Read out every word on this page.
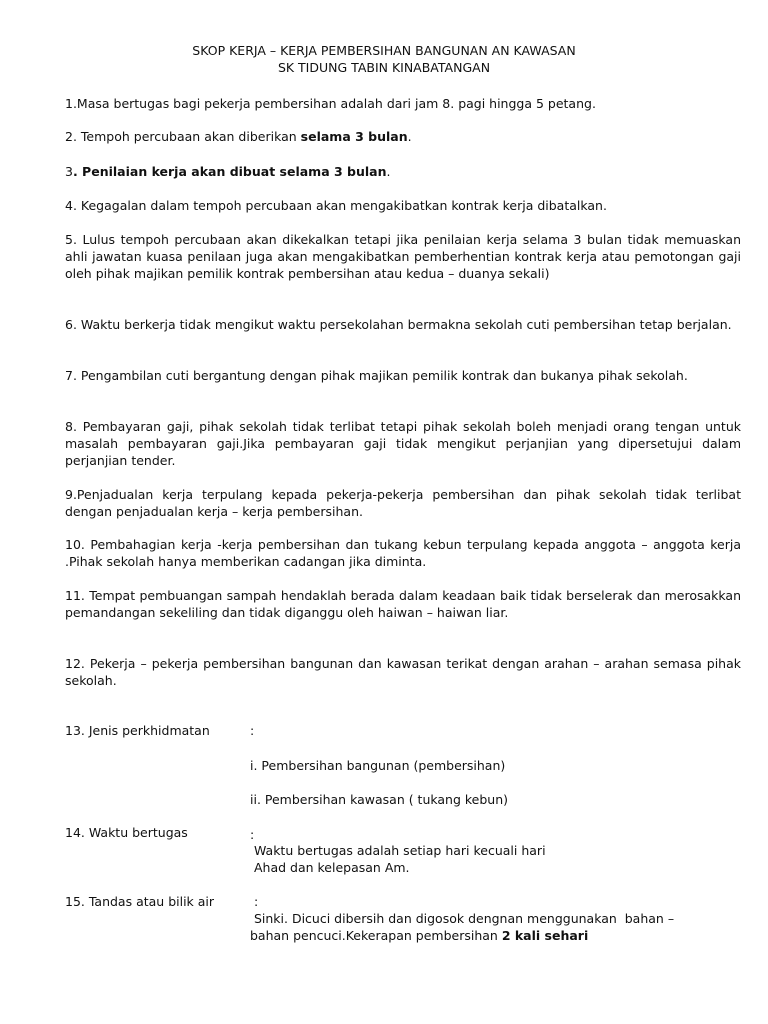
SKOP KERJA – KERJA PEMBERSIHAN BANGUNAN AN KAWASAN
SK TIDUNG TABIN KINABATANGAN

1.Masa bertugas bagi pekerja pembersihan adalah dari jam 8. pagi hingga 5 petang.

2. Tempoh percubaan akan diberikan selama 3 bulan.

3. Penilaian kerja akan dibuat selama 3 bulan.

4. Kegagalan dalam tempoh percubaan akan mengakibatkan kontrak kerja dibatalkan.

5. Lulus tempoh percubaan akan dikekalkan tetapi jika penilaian kerja selama 3 bulan tidak memuaskan ahli jawatan kuasa penilaan juga akan mengakibatkan pemberhentian kontrak kerja atau pemotongan gaji oleh pihak majikan pemilik kontrak pembersihan atau kedua – duanya sekali)

6. Waktu berkerja tidak mengikut waktu persekolahan bermakna sekolah cuti pembersihan tetap berjalan.

7. Pengambilan cuti bergantung dengan pihak majikan pemilik kontrak dan bukanya pihak sekolah.

8. Pembayaran gaji, pihak sekolah tidak terlibat tetapi pihak sekolah boleh menjadi orang tengan untuk masalah pembayaran gaji.Jika pembayaran gaji tidak mengikut perjanjian yang dipersetujui dalam perjanjian tender.

9.Penjadualan kerja terpulang kepada pekerja-pekerja pembersihan dan pihak sekolah tidak terlibat dengan penjadualan kerja – kerja pembersihan.

10. Pembahagian kerja -kerja pembersihan dan tukang kebun terpulang kepada anggota – anggota kerja .Pihak sekolah hanya memberikan cadangan jika diminta.

11. Tempat pembuangan sampah hendaklah berada dalam keadaan baik tidak berselerak dan merosakkan pemandangan sekeliling dan tidak diganggu oleh haiwan – haiwan liar.

12. Pekerja – pekerja pembersihan bangunan dan kawasan terikat dengan arahan – arahan semasa pihak sekolah.

13. Jenis perkhidmatan	:
i. Pembersihan bangunan (pembersihan)
ii. Pembersihan kawasan ( tukang kebun)
14. Waktu bertugas	:
Waktu bertugas adalah setiap hari kecuali hari
Ahad dan kelepasan Am.
15. Tandas atau bilik air	:
Sinki. Dicuci dibersih dan digosok dengnan menggunakan  bahan –
bahan pencuci.Kekerapan pembersihan 2 kali sehari
